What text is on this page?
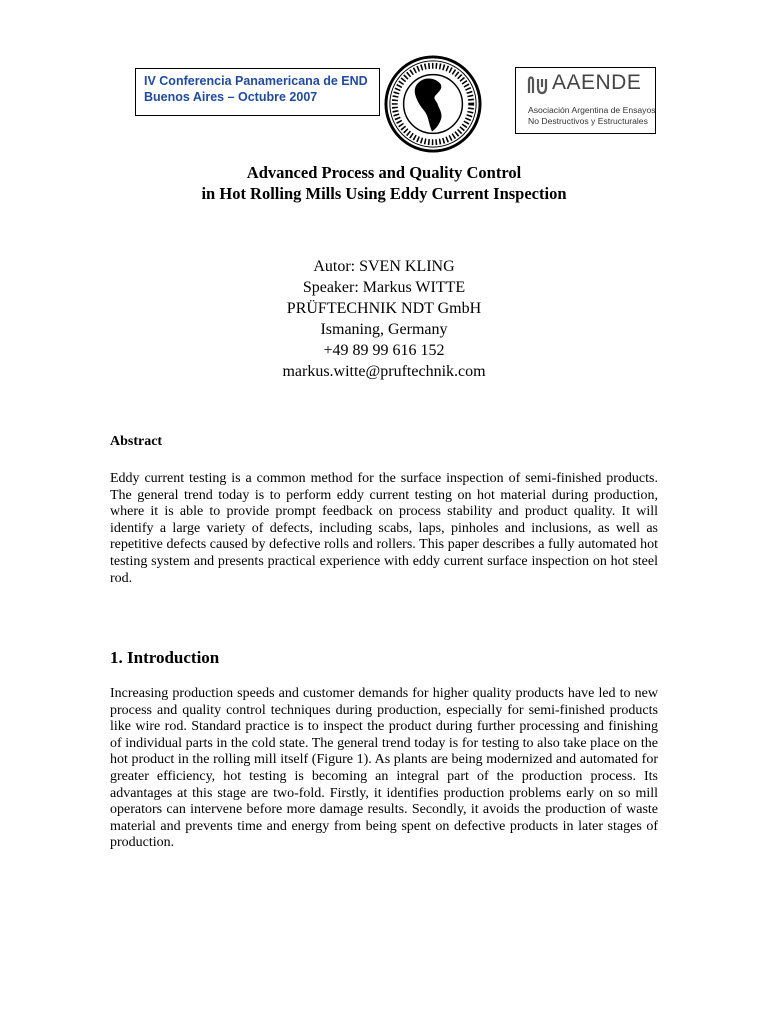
IV Conferencia Panamericana de END
Buenos Aires – Octubre 2007
AAENDE
Asociación Argentina de Ensayos
No Destructivos y Estructurales
Advanced Process and Quality Control
in Hot Rolling Mills Using Eddy Current Inspection
Autor: SVEN KLING
Speaker: Markus WITTE
PRÜFTECHNIK NDT GmbH
Ismaning, Germany
+49 89 99 616 152
markus.witte@pruftechnik.com
Abstract

Eddy current testing is a common method for the surface inspection of semi-finished products. The general trend today is to perform eddy current testing on hot material during production, where it is able to provide prompt feedback on process stability and product quality. It will identify a large variety of defects, including scabs, laps, pinholes and inclusions, as well as repetitive defects caused by defective rolls and rollers. This paper describes a fully automated hot testing system and presents practical experience with eddy current surface inspection on hot steel rod.

1. Introduction

Increasing production speeds and customer demands for higher quality products have led to new process and quality control techniques during production, especially for semi-finished products like wire rod. Standard practice is to inspect the product during further processing and finishing of individual parts in the cold state. The general trend today is for testing to also take place on the hot product in the rolling mill itself (Figure 1). As plants are being modernized and automated for greater efficiency, hot testing is becoming an integral part of the production process. Its advantages at this stage are two-fold. Firstly, it identifies production problems early on so mill operators can intervene before more damage results. Secondly, it avoids the production of waste material and prevents time and energy from being spent on defective products in later stages of production.
